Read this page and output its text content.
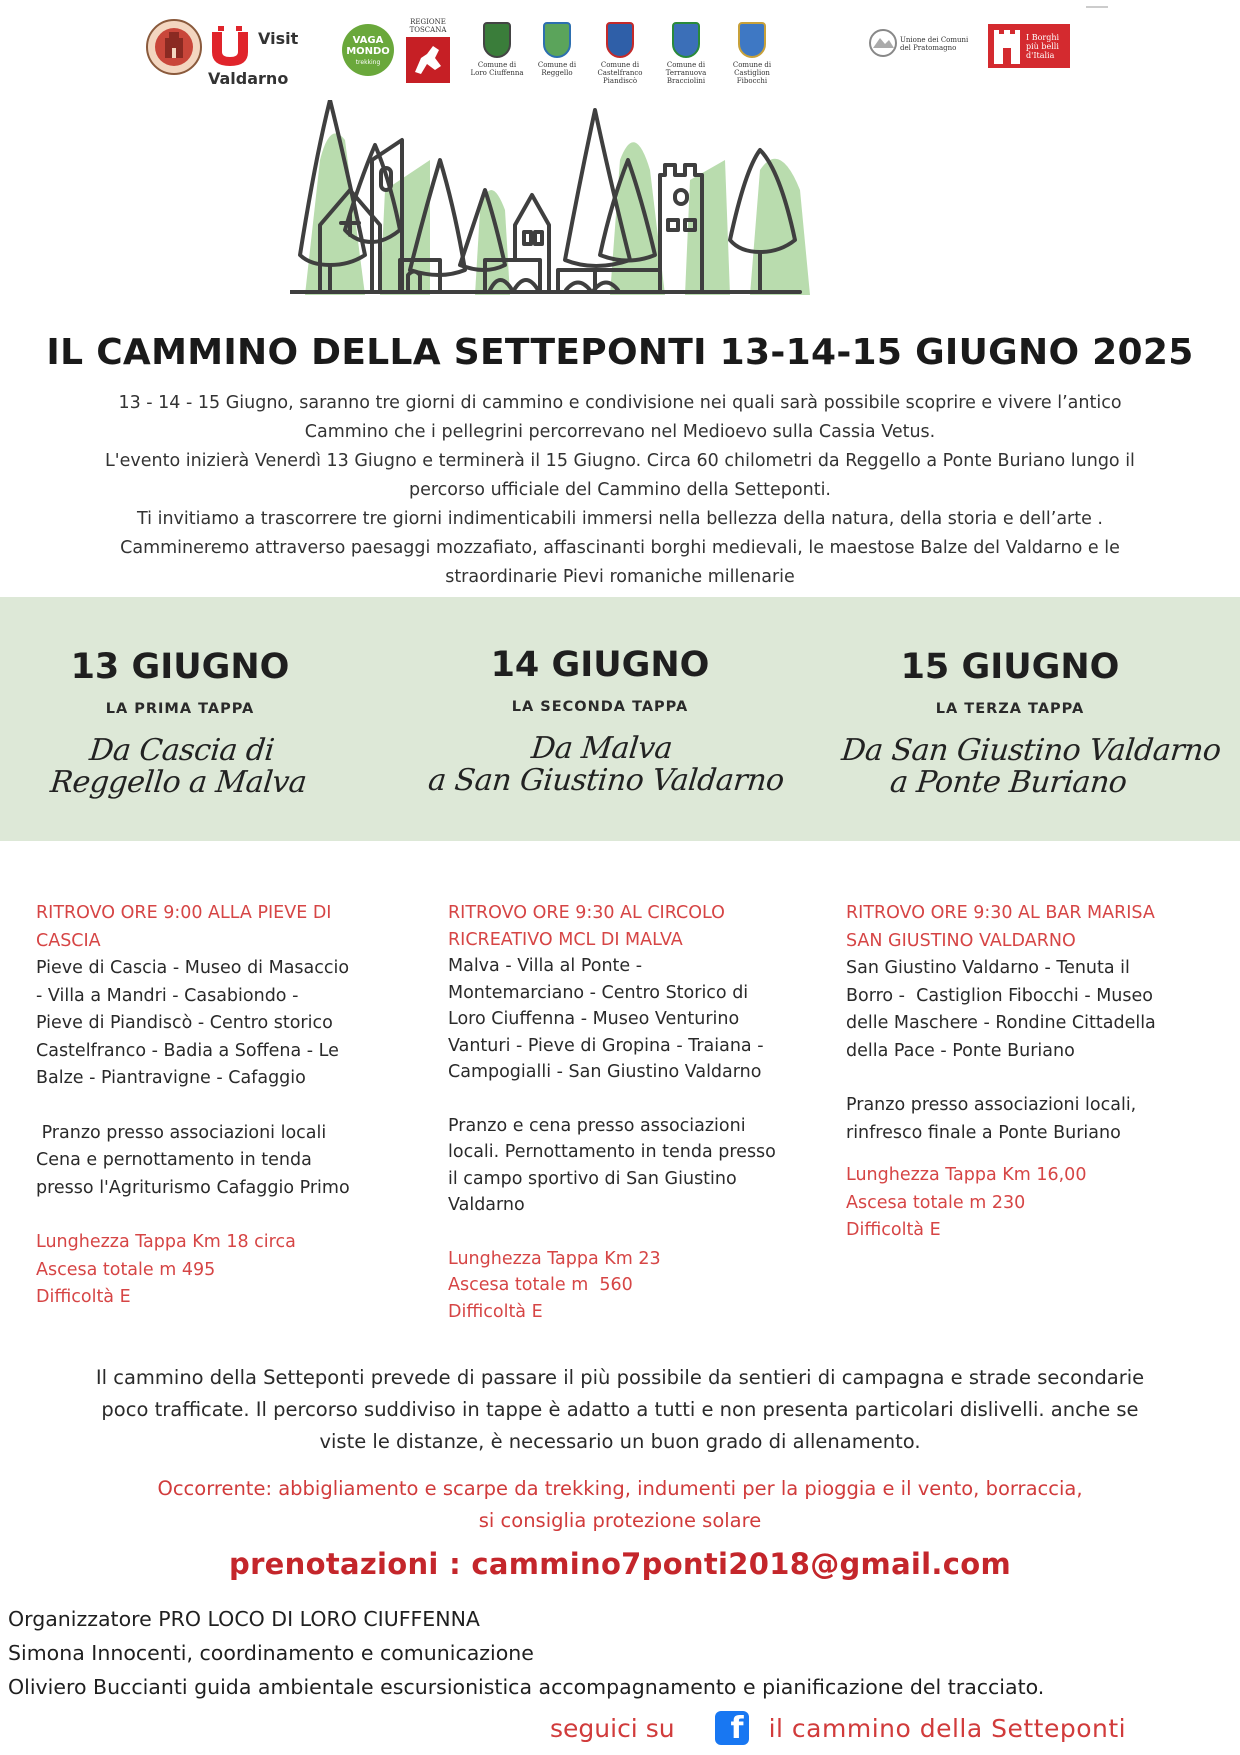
Visit
Valdarno
VAGA
MONDO
trekking
REGIONE
TOSCANA
Comune di
Loro Ciuffenna
Comune di
Reggello
Comune di
Castelfranco
Piandiscò
Comune di
Terranuova
Bracciolini
Comune di
Castiglion
Fibocchi
Unione dei Comuni
del Pratomagno
I Borghi
più belli
d'Italia
IL CAMMINO DELLA SETTEPONTI 13-14-15 GIUGNO 2025

13 - 14 - 15 Giugno, saranno tre giorni di cammino e condivisione nei quali sarà possibile scoprire e vivere l’antico

Cammino che i pellegrini percorrevano nel Medioevo sulla Cassia Vetus.

L'evento inizierà Venerdì 13 Giugno e terminerà il 15 Giugno. Circa 60 chilometri da Reggello a Ponte Buriano lungo il

percorso ufficiale del Cammino della Setteponti.

Ti invitiamo a trascorrere tre giorni indimenticabili immersi nella bellezza della natura, della storia e dell’arte .

Cammineremo attraverso paesaggi mozzafiato, affascinanti borghi medievali, le maestose Balze del Valdarno e le

straordinarie Pievi romaniche millenarie

13 GIUGNO
LA PRIMA TAPPA
Da Cascia di
Reggello a Malva
14 GIUGNO
LA SECONDA TAPPA
Da Malva
a San Giustino Valdarno
15 GIUGNO
LA TERZA TAPPA
Da San Giustino Valdarno
a Ponte Buriano

RITROVO ORE 9:00 ALLA PIEVE DI

CASCIA

Pieve di Cascia - Museo di Masaccio

- Villa a Mandri - Casabiondo -

Pieve di Piandiscò - Centro storico

Castelfranco - Badia a Soffena - Le

Balze - Piantravigne - Cafaggio

Pranzo presso associazioni locali

Cena e pernottamento in tenda

presso l'Agriturismo Cafaggio Primo

Lunghezza Tappa Km 18 circa

Ascesa totale m 495

Difficoltà E

RITROVO ORE 9:30 AL CIRCOLO

RICREATIVO MCL DI MALVA

Malva - Villa al Ponte -

Montemarciano - Centro Storico di

Loro Ciuffenna - Museo Venturino

Vanturi - Pieve di Gropina - Traiana -

Campogialli - San Giustino Valdarno

Pranzo e cena presso associazioni

locali. Pernottamento in tenda presso

il campo sportivo di San Giustino

Valdarno

Lunghezza Tappa Km 23

Ascesa totale m  560

Difficoltà E

RITROVO ORE 9:30 AL BAR MARISA

SAN GIUSTINO VALDARNO

San Giustino Valdarno - Tenuta il

Borro -  Castiglion Fibocchi - Museo

delle Maschere - Rondine Cittadella

della Pace - Ponte Buriano

Pranzo presso associazioni locali,

rinfresco finale a Ponte Buriano

Lunghezza Tappa Km 16,00

Ascesa totale m 230

Difficoltà E

Il cammino della Setteponti prevede di passare il più possibile da sentieri di campagna e strade secondarie

poco trafficate. Il percorso suddiviso in tappe è adatto a tutti e non presenta particolari dislivelli. anche se

viste le distanze, è necessario un buon grado di allenamento.

Occorrente: abbigliamento e scarpe da trekking, indumenti per la pioggia e il vento, borraccia,

si consiglia protezione solare

prenotazioni : cammino7ponti2018@gmail.com

Organizzatore PRO LOCO DI LORO CIUFFENNA

Simona Innocenti, coordinamento e comunicazione

Oliviero Buccianti guida ambientale escursionistica accompagnamento e pianificazione del tracciato.

seguici su f il cammino della Setteponti
